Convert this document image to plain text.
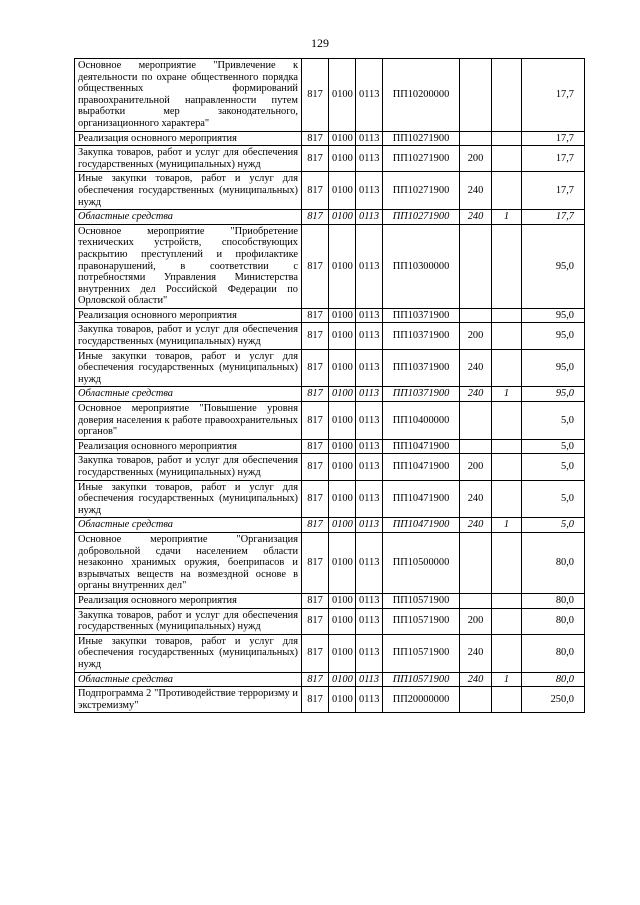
129
Основное мероприятие "Привлечение к деятельности по охране общественного порядка общественных формирований правоохранительной направленности путем выработки мер законодательного, организационного характера"	817	0100	0113	ПП10200000			17,7
Реализация основного мероприятия	817	0100	0113	ПП10271900			17,7
Закупка товаров, работ и услуг для обеспечения государственных (муниципальных) нужд	817	0100	0113	ПП10271900	200		17,7
Иные закупки товаров, работ и услуг для обеспечения государственных (муниципальных) нужд	817	0100	0113	ПП10271900	240		17,7
Областные средства	817	0100	0113	ПП10271900	240	1	17,7
Основное мероприятие "Приобретение технических устройств, способствующих раскрытию преступлений и профилактике правонарушений, в соответствии с потребностями Управления Министерства внутренних дел Российской Федерации по Орловской области"	817	0100	0113	ПП10300000			95,0
Реализация основного мероприятия	817	0100	0113	ПП10371900			95,0
Закупка товаров, работ и услуг для обеспечения государственных (муниципальных) нужд	817	0100	0113	ПП10371900	200		95,0
Иные закупки товаров, работ и услуг для обеспечения государственных (муниципальных) нужд	817	0100	0113	ПП10371900	240		95,0
Областные средства	817	0100	0113	ПП10371900	240	1	95,0
Основное мероприятие "Повышение уровня доверия населения к работе правоохранительных органов"	817	0100	0113	ПП10400000			5,0
Реализация основного мероприятия	817	0100	0113	ПП10471900			5,0
Закупка товаров, работ и услуг для обеспечения государственных (муниципальных) нужд	817	0100	0113	ПП10471900	200		5,0
Иные закупки товаров, работ и услуг для обеспечения государственных (муниципальных) нужд	817	0100	0113	ПП10471900	240		5,0
Областные средства	817	0100	0113	ПП10471900	240	1	5,0
Основное мероприятие "Организация добровольной сдачи населением области незаконно хранимых оружия, боеприпасов и взрывчатых веществ на возмездной основе в органы внутренних дел"	817	0100	0113	ПП10500000			80,0
Реализация основного мероприятия	817	0100	0113	ПП10571900			80,0
Закупка товаров, работ и услуг для обеспечения государственных (муниципальных) нужд	817	0100	0113	ПП10571900	200		80,0
Иные закупки товаров, работ и услуг для обеспечения государственных (муниципальных) нужд	817	0100	0113	ПП10571900	240		80,0
Областные средства	817	0100	0113	ПП10571900	240	1	80,0
Подпрограмма 2 "Противодействие терроризму и экстремизму"	817	0100	0113	ПП20000000			250,0
